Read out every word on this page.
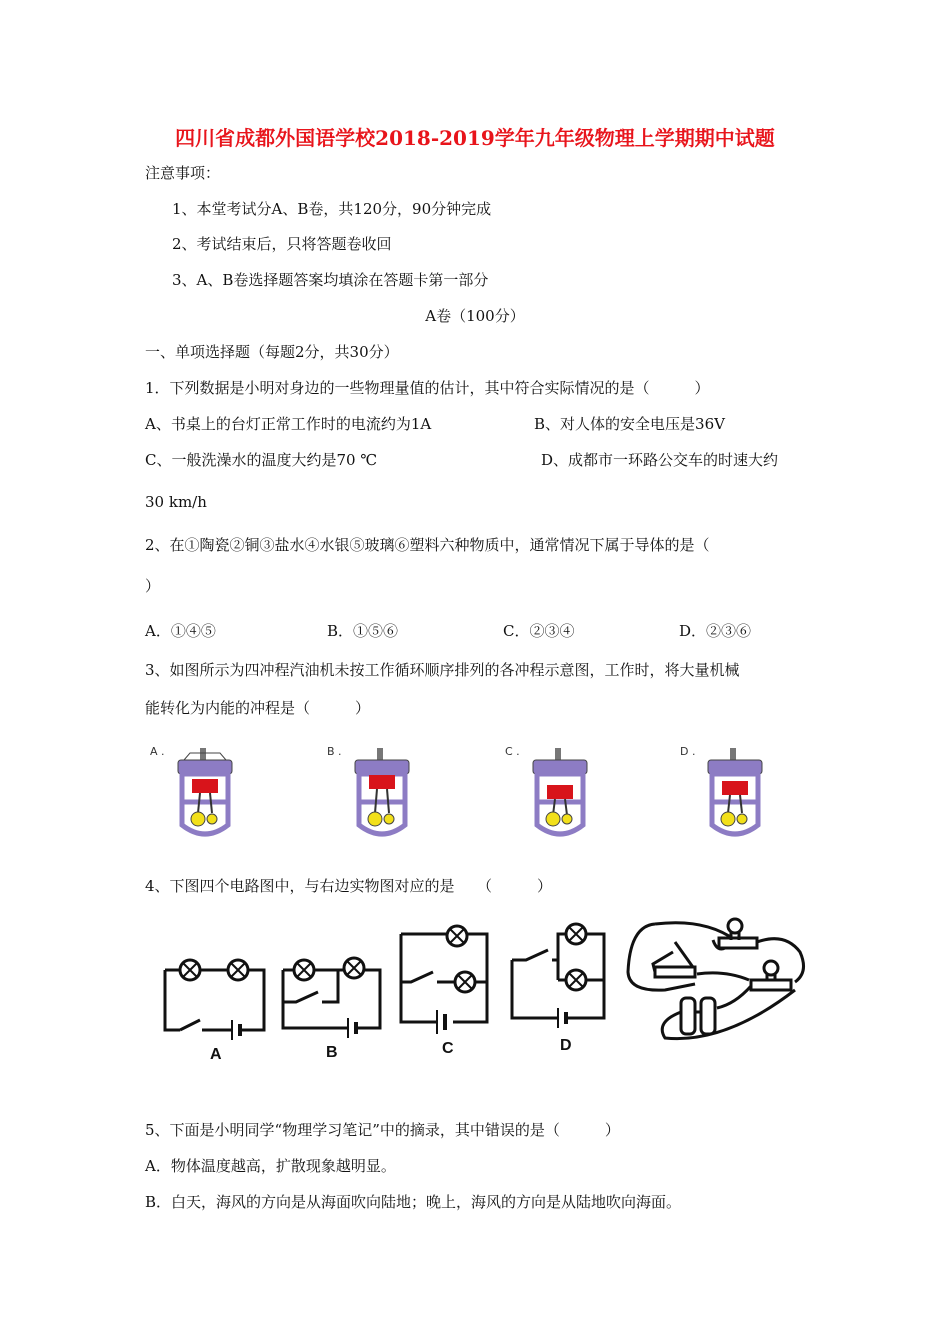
四川省成都外国语学校2018-2019学年九年级物理上学期期中试题
注意事项：
1、本堂考试分A、B卷，共120分，90分钟完成
2、考试结束后，只将答题卷收回
3、A、B卷选择题答案均填涂在答题卡第一部分
A卷（100分）
一、单项选择题（每题2分，共30分）
1．下列数据是小明对身边的一些物理量值的估计，其中符合实际情况的是（　　　）
A、书桌上的台灯正常工作时的电流约为1A	B、对人体的安全电压是36V
C、一般洗澡水的温度大约是70 ℃	D、成都市一环路公交车的时速大约
30 km/h
2、在①陶瓷②铜③盐水④水银⑤玻璃⑥塑料六种物质中，通常情况下属于导体的是（
）
A．①④⑤	B．①⑤⑥	C．②③④	D．②③⑥
3、如图所示为四冲程汽油机未按工作循环顺序排列的各冲程示意图，工作时，将大量机械
能转化为内能的冲程是（　　　）
A .	B .	C .	D .
4、下图四个电路图中，与右边实物图对应的是　　（　　　）
A	B	C	D
5、下面是小明同学“物理学习笔记”中的摘录，其中错误的是（　　　）
A．物体温度越高，扩散现象越明显。
B．白天，海风的方向是从海面吹向陆地；晚上，海风的方向是从陆地吹向海面。
